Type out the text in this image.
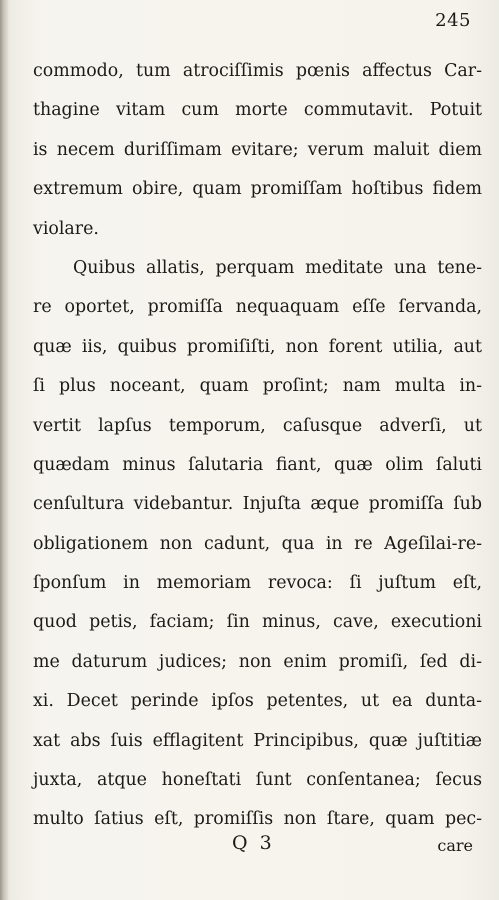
245
commodo, tum atrociſſimis pœnis affectus Car-
thagine vitam cum morte commutavit. Potuit
is necem duriſſimam evitare; verum maluit diem
extremum obire, quam promiſſam hoſtibus fidem
violare.
Quibus allatis, perquam meditate una tene-
re oportet, promiſſa nequaquam eſſe ſervanda,
quæ iis, quibus promiſiſti, non forent utilia, aut
ſi plus noceant, quam proſint; nam multa in-
vertit lapſus temporum, caſusque adverſi, ut
quædam minus ſalutaria fiant, quæ olim ſaluti
cenſultura videbantur. Injuſta æque promiſſa ſub
obligationem non cadunt, qua in re Ageſilai-re-
ſponſum in memoriam revoca: ſi juſtum eſt,
quod petis, faciam; ſin minus, cave, executioni
me daturum judices; non enim promiſi, ſed di-
xi. Decet perinde ipſos petentes, ut ea dunta-
xat abs ſuis efflagitent Principibus, quæ juſtitiæ
juxta, atque honeſtati ſunt conſentanea; ſecus
multo ſatius eſt, promiſſis non ſtare, quam pec-
Q 3	care
